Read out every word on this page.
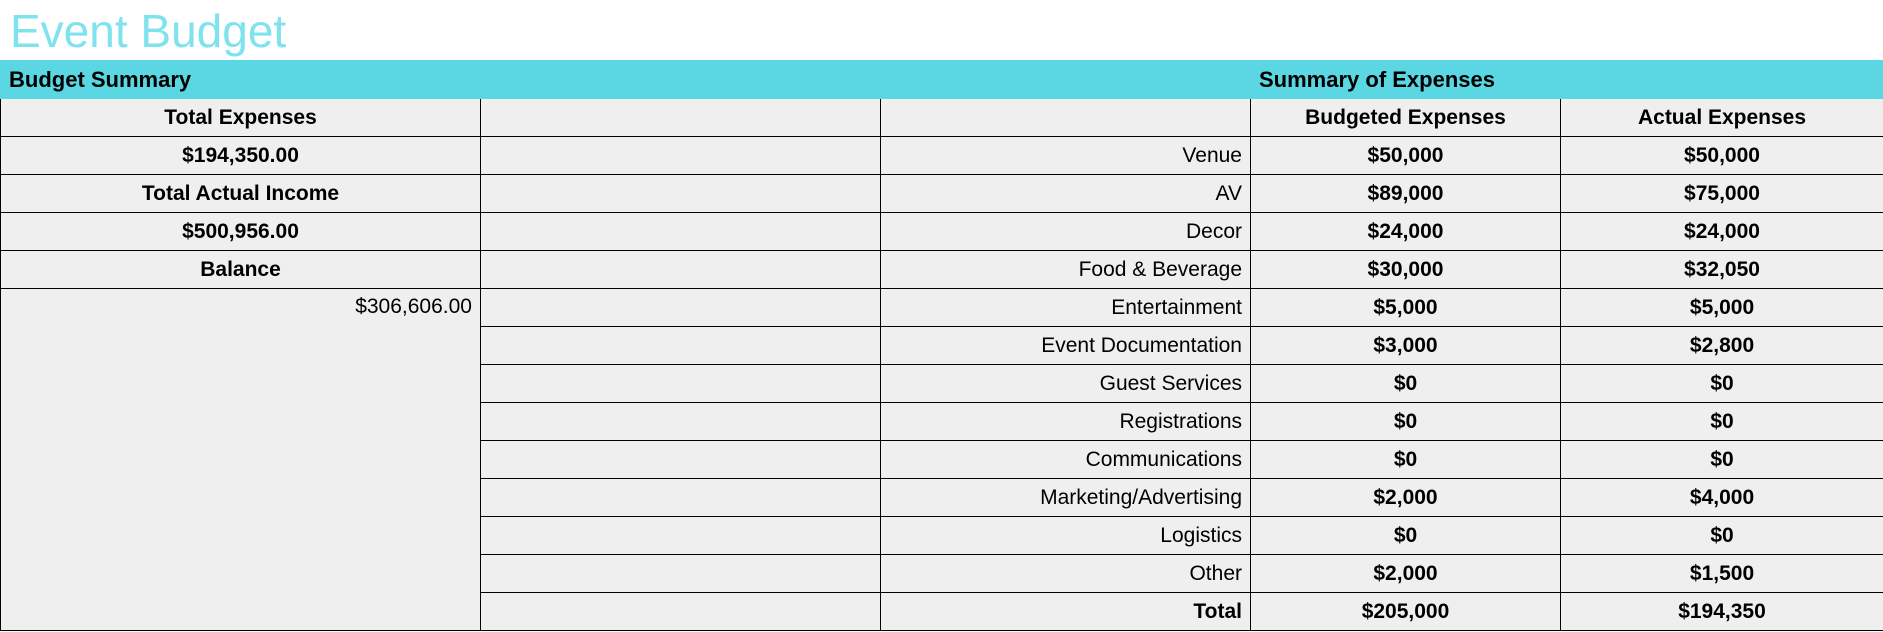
Event Budget
Budget Summary			Summary of Expenses	
Total Expenses			Budgeted Expenses	Actual Expenses
$194,350.00		Venue	$50,000	$50,000
Total Actual Income		AV	$89,000	$75,000
$500,956.00		Decor	$24,000	$24,000
Balance		Food & Beverage	$30,000	$32,050
$306,606.00		Entertainment	$5,000	$5,000
		Event Documentation	$3,000	$2,800
		Guest Services	$0	$0
		Registrations	$0	$0
		Communications	$0	$0
		Marketing/Advertising	$2,000	$4,000
		Logistics	$0	$0
		Other	$2,000	$1,500
		Total	$205,000	$194,350
